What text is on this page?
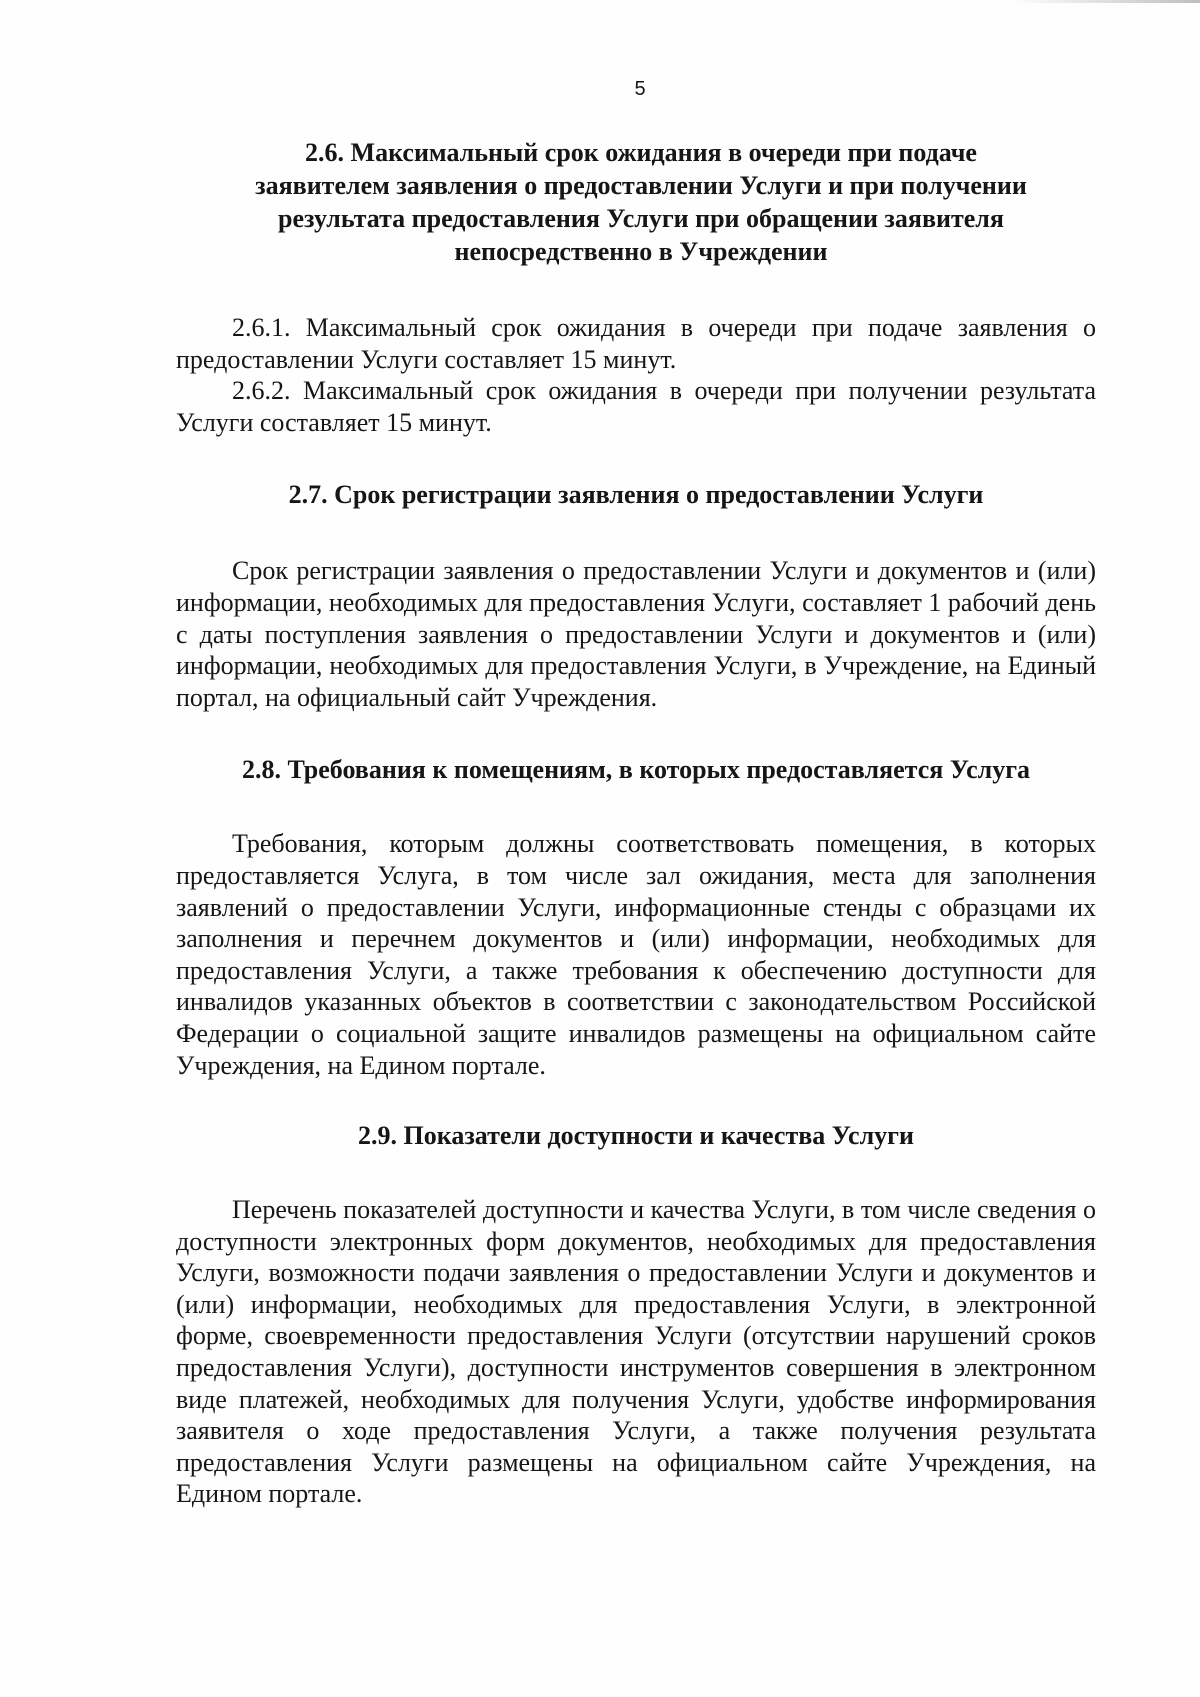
5
2.6. Максимальный срок ожидания в очереди при подаче
заявителем заявления о предоставлении Услуги и при получении
результата предоставления Услуги при обращении заявителя
непосредственно в Учреждении

2.6.1. Максимальный срок ожидания в очереди при подаче заявления о предоставлении Услуги составляет 15 минут.

2.6.2. Максимальный срок ожидания в очереди при получении результата Услуги составляет 15 минут.

2.7. Срок регистрации заявления о предоставлении Услуги

Срок регистрации заявления о предоставлении Услуги и документов и (или) информации, необходимых для предоставления Услуги, составляет 1 рабочий день с даты поступления заявления о предоставлении Услуги и документов и (или) информации, необходимых для предоставления Услуги, в Учреждение, на Единый портал, на официальный сайт Учреждения.

2.8. Требования к помещениям, в которых предоставляется Услуга

Требования, которым должны соответствовать помещения, в которых предоставляется Услуга, в том числе зал ожидания, места для заполнения заявлений о предоставлении Услуги, информационные стенды с образцами их заполнения и перечнем документов и (или) информации, необходимых для предоставления Услуги, а также требования к обеспечению доступности для инвалидов указанных объектов в соответствии с законодательством Российской Федерации о социальной защите инвалидов размещены на официальном сайте Учреждения, на Едином портале.

2.9. Показатели доступности и качества Услуги

Перечень показателей доступности и качества Услуги, в том числе сведения о доступности электронных форм документов, необходимых для предоставления Услуги, возможности подачи заявления о предоставлении Услуги и документов и (или) информации, необходимых для предоставления Услуги, в электронной форме, своевременности предоставления Услуги (отсутствии нарушений сроков предоставления Услуги), доступности инструментов совершения в электронном виде платежей, необходимых для получения Услуги, удобстве информирования заявителя о ходе предоставления Услуги, а также получения результата предоставления Услуги размещены на официальном сайте Учреждения, на Едином портале.
